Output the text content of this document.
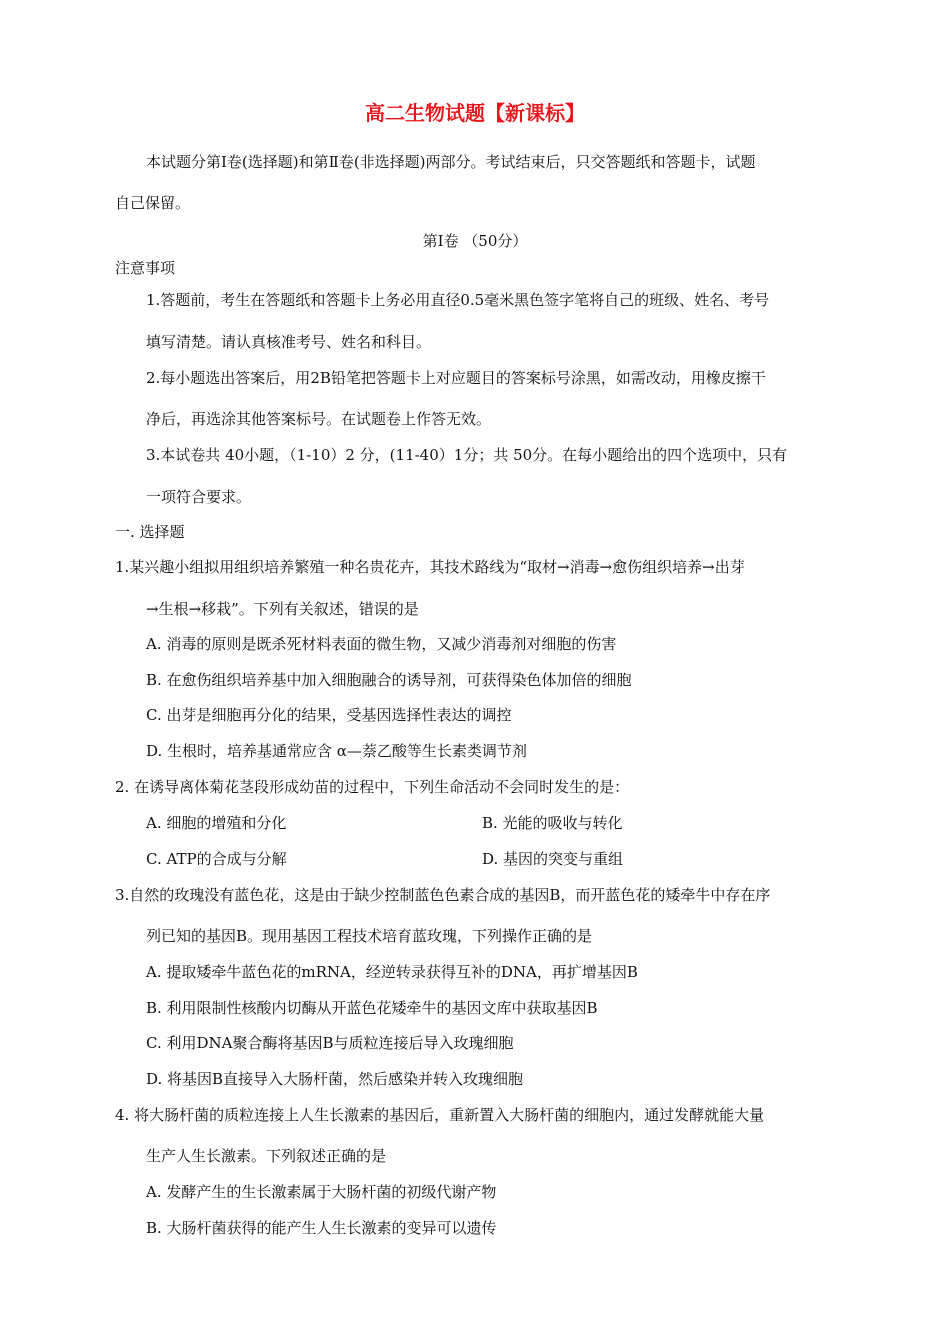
高二生物试题【新课标】
本试题分第Ⅰ卷(选择题)和第Ⅱ卷(非选择题)两部分。考试结束后，只交答题纸和答题卡，试题
自己保留。
第Ⅰ卷 （50分）
注意事项
1.答题前，考生在答题纸和答题卡上务必用直径0.5毫米黑色签字笔将自己的班级、姓名、考号
填写清楚。请认真核准考号、姓名和科目。
2.每小题选出答案后，用2B铅笔把答题卡上对应题目的答案标号涂黑，如需改动，用橡皮擦干
净后，再选涂其他答案标号。在试题卷上作答无效。
3.本试卷共 40小题，（1-10）2 分，(11-40）1分；共 50分。在每小题给出的四个选项中，只有
一项符合要求。
一. 选择题
1.某兴趣小组拟用组织培养繁殖一种名贵花卉，其技术路线为“取材→消毒→愈伤组织培养→出芽
→生根→移栽”。下列有关叙述，错误的是
A. 消毒的原则是既杀死材料表面的微生物，又减少消毒剂对细胞的伤害
B. 在愈伤组织培养基中加入细胞融合的诱导剂，可获得染色体加倍的细胞
C. 出芽是细胞再分化的结果，受基因选择性表达的调控
D. 生根时，培养基通常应含 α—萘乙酸等生长素类调节剂
2. 在诱导离体菊花茎段形成幼苗的过程中，下列生命活动不会同时发生的是：
A. 细胞的增殖和分化	B. 光能的吸收与转化
C. ATP的合成与分解	D. 基因的突变与重组
3.自然的玫瑰没有蓝色花，这是由于缺少控制蓝色色素合成的基因B，而开蓝色花的矮牵牛中存在序
列已知的基因B。现用基因工程技术培育蓝玫瑰，下列操作正确的是
A. 提取矮牵牛蓝色花的mRNA，经逆转录获得互补的DNA，再扩增基因B
B. 利用限制性核酸内切酶从开蓝色花矮牵牛的基因文库中获取基因B
C. 利用DNA聚合酶将基因B与质粒连接后导入玫瑰细胞
D. 将基因B直接导入大肠杆菌，然后感染并转入玫瑰细胞
4. 将大肠杆菌的质粒连接上人生长激素的基因后，重新置入大肠杆菌的细胞内，通过发酵就能大量
生产人生长激素。下列叙述正确的是
A. 发酵产生的生长激素属于大肠杆菌的初级代谢产物
B. 大肠杆菌获得的能产生人生长激素的变异可以遗传
